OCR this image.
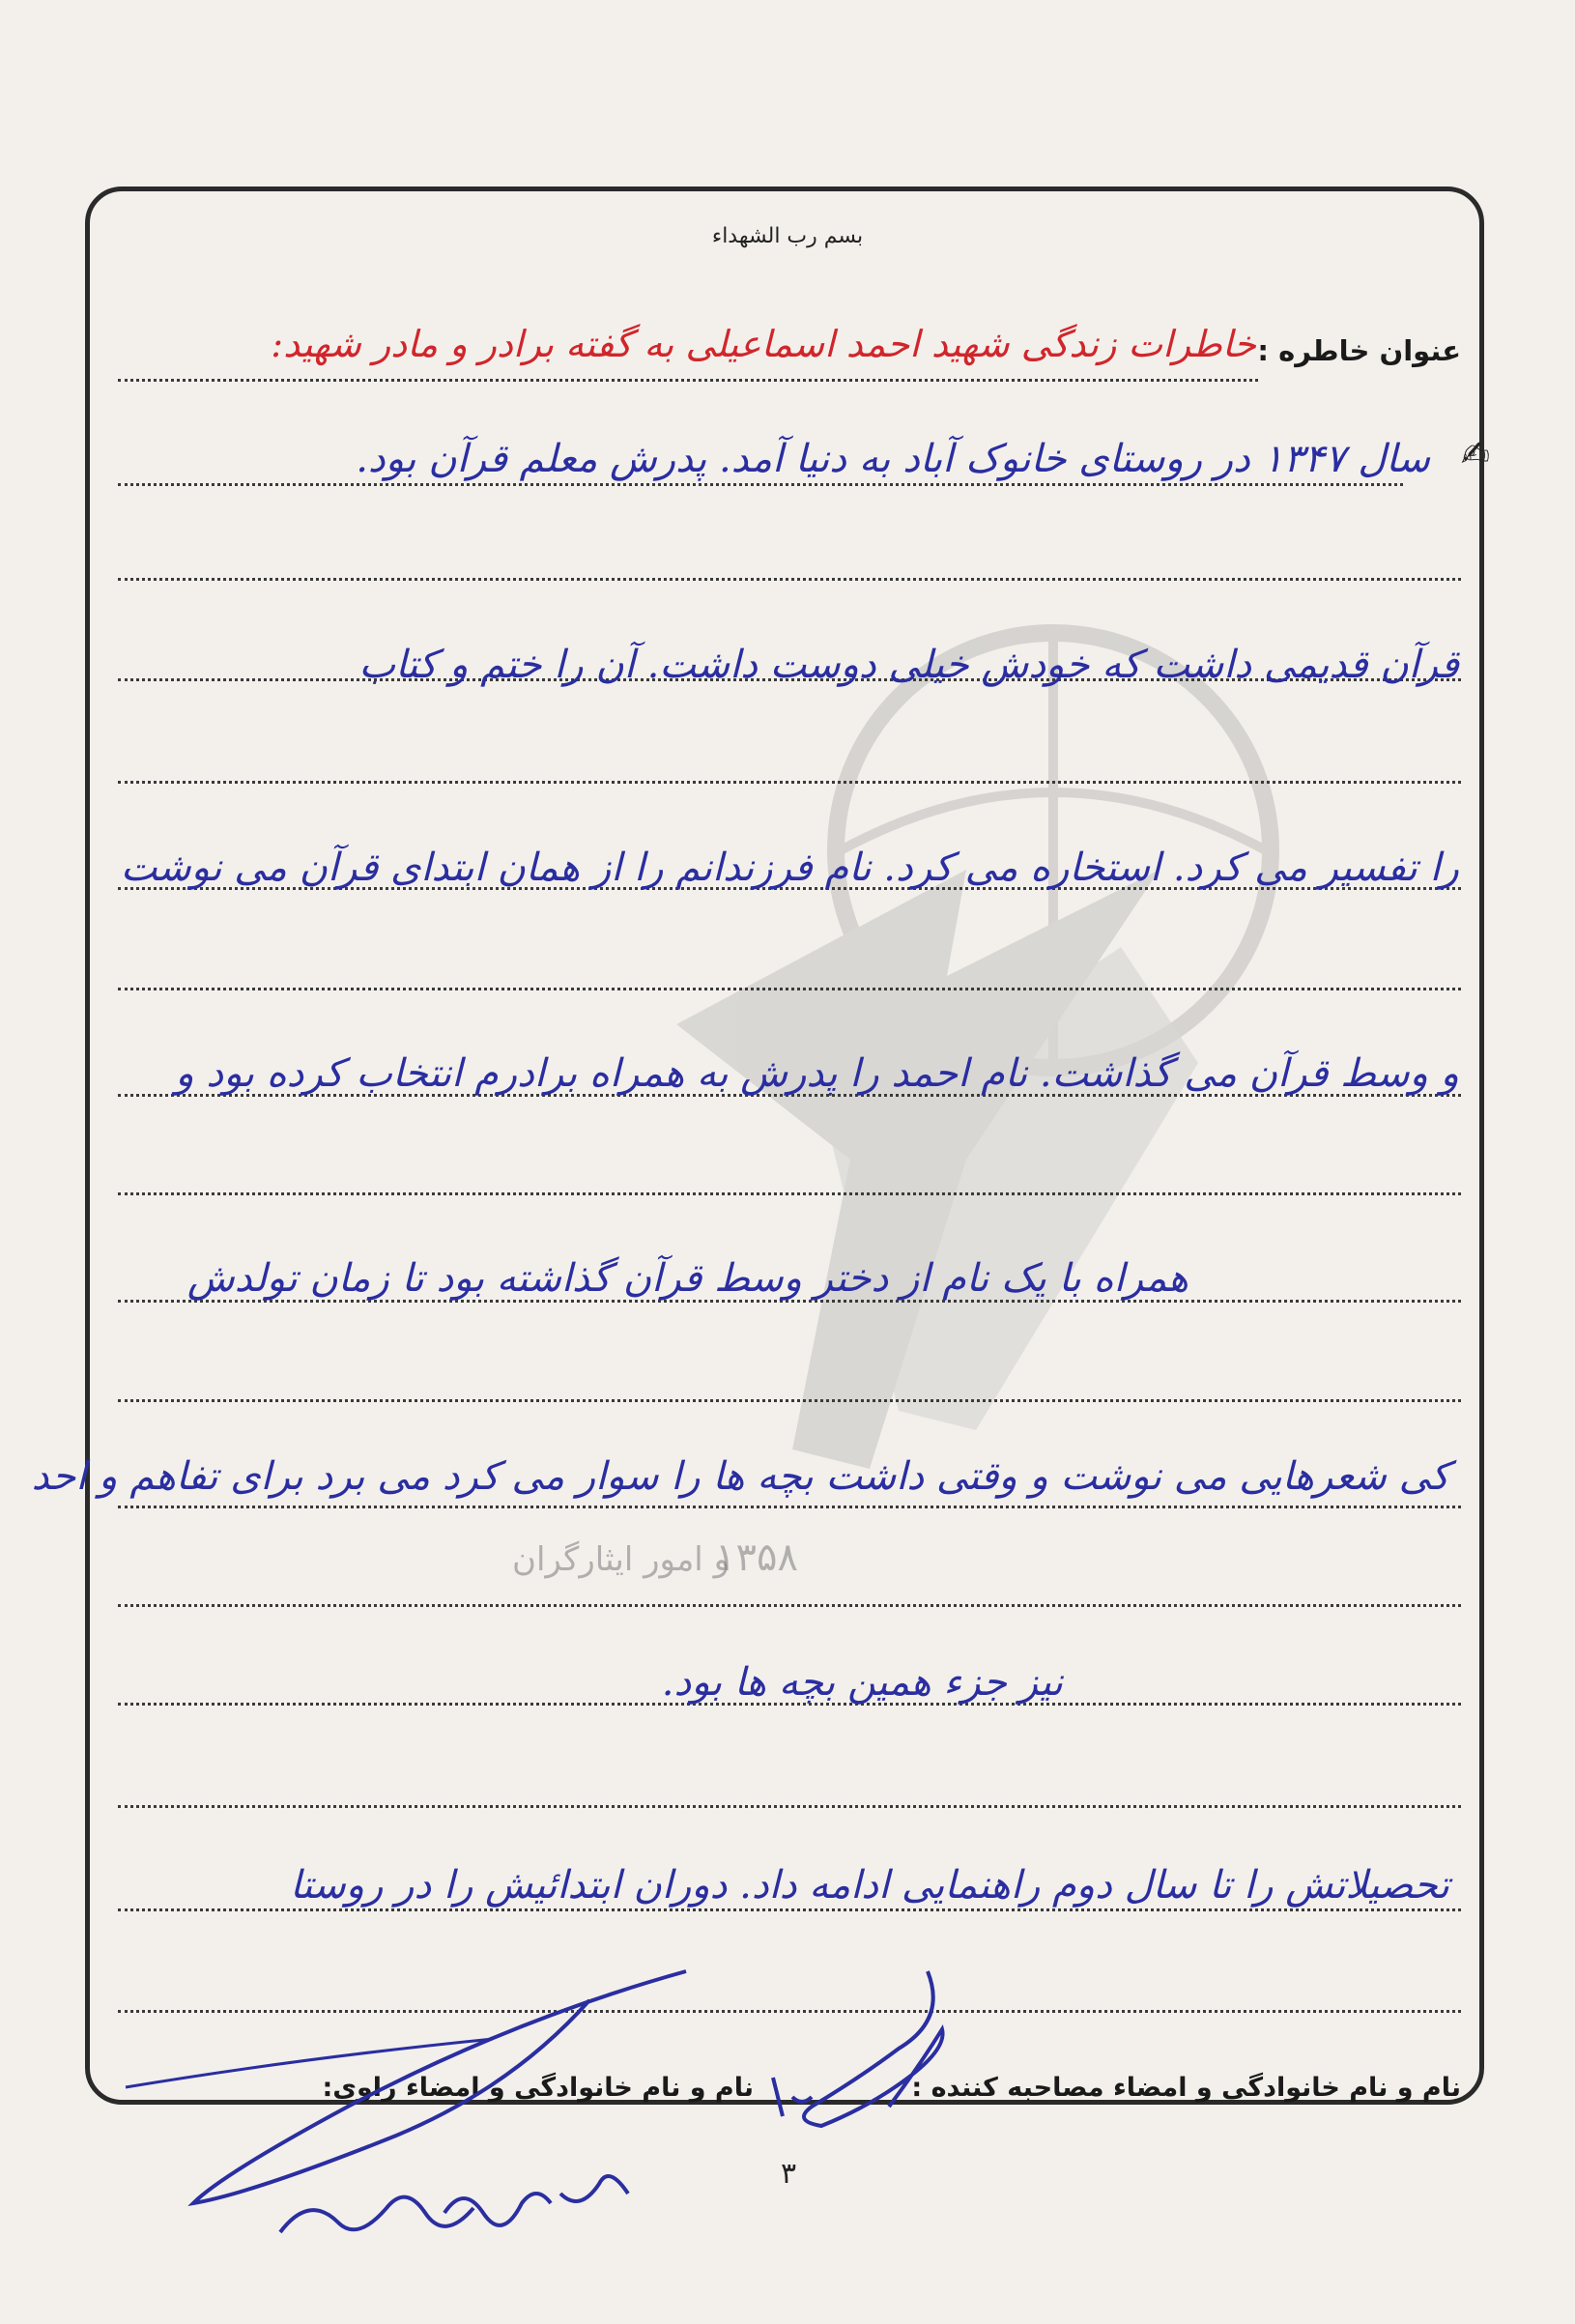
۱۳۵۸
و امور ایثارگران
بسم رب الشهداء
عنوان خاطره :
خاطرات زندگی شهید احمد اسماعیلی به گفته برادر و مادر شهید:
✍
سال ۱۳۴۷ در روستای خانوک آباد به دنیا آمد. پدرش معلم قرآن بود.
قرآن قدیمی داشت که خودش خیلی دوست داشت. آن را ختم و کتاب
را تفسیر می کرد. استخاره می کرد. نام فرزندانم را از همان ابتدای قرآن می نوشت
و وسط قرآن می گذاشت. نام احمد را پدرش به همراه برادرم انتخاب کرده بود و
همراه با یک نام از دختر وسط قرآن گذاشته بود تا زمان تولدش
کی شعرهایی می نوشت و وقتی داشت بچه ها را سوار می کرد می برد برای تفاهم و احد
نیز جزء همین بچه ها بود.
تحصیلاتش را تا سال دوم راهنمایی ادامه داد. دوران ابتدائیش را در روستا
نام و نام خانوادگی و امضاء مصاحبه کننده :
نام و نام خانوادگی و امضاء راوی:
۳
